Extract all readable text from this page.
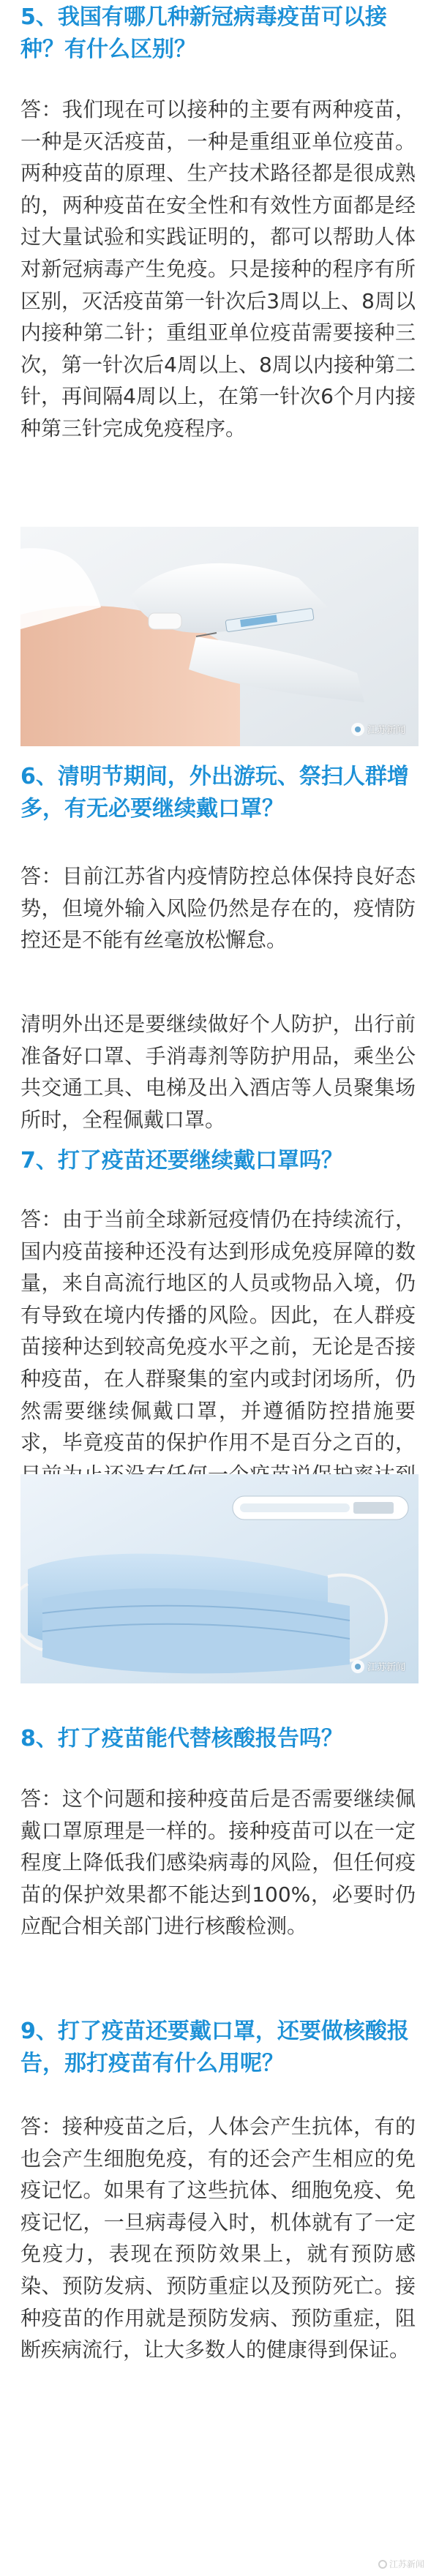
5、我国有哪几种新冠病毒疫苗可以接种？有什么区别？

答：我们现在可以接种的主要有两种疫苗，一种是灭活疫苗，一种是重组亚单位疫苗。两种疫苗的原理、生产技术路径都是很成熟的，两种疫苗在安全性和有效性方面都是经过大量试验和实践证明的，都可以帮助人体对新冠病毒产生免疫。只是接种的程序有所区别，灭活疫苗第一针次后3周以上、8周以内接种第二针；重组亚单位疫苗需要接种三次，第一针次后4周以上、8周以内接种第二针，再间隔4周以上，在第一针次6个月内接种第三针完成免疫程序。

江苏新闻
6、清明节期间，外出游玩、祭扫人群增多，有无必要继续戴口罩？

答：目前江苏省内疫情防控总体保持良好态势，但境外输入风险仍然是存在的，疫情防控还是不能有丝毫放松懈怠。

清明外出还是要继续做好个人防护，出行前准备好口罩、手消毒剂等防护用品，乘坐公共交通工具、电梯及出入酒店等人员聚集场所时，全程佩戴口罩。

7、打了疫苗还要继续戴口罩吗？

答：由于当前全球新冠疫情仍在持续流行，国内疫苗接种还没有达到形成免疫屏障的数量，来自高流行地区的人员或物品入境，仍有导致在境内传播的风险。因此，在人群疫苗接种达到较高免疫水平之前，无论是否接种疫苗，在人群聚集的室内或封闭场所，仍然需要继续佩戴口罩，并遵循防控措施要求，毕竟疫苗的保护作用不是百分之百的，

江苏新闻
8、打了疫苗能代替核酸报告吗？

答：这个问题和接种疫苗后是否需要继续佩戴口罩原理是一样的。接种疫苗可以在一定程度上降低我们感染病毒的风险，但任何疫苗的保护效果都不能达到100%，必要时仍应配合相关部门进行核酸检测。

9、打了疫苗还要戴口罩，还要做核酸报告，那打疫苗有什么用呢？

答：接种疫苗之后，人体会产生抗体，有的也会产生细胞免疫，有的还会产生相应的免疫记忆。如果有了这些抗体、细胞免疫、免疫记忆，一旦病毒侵入时，机体就有了一定免疫力，表现在预防效果上，就有预防感染、预防发病、预防重症以及预防死亡。接种疫苗的作用就是预防发病、预防重症，阻断疾病流行，让大多数人的健康得到保证。

江苏新闻
